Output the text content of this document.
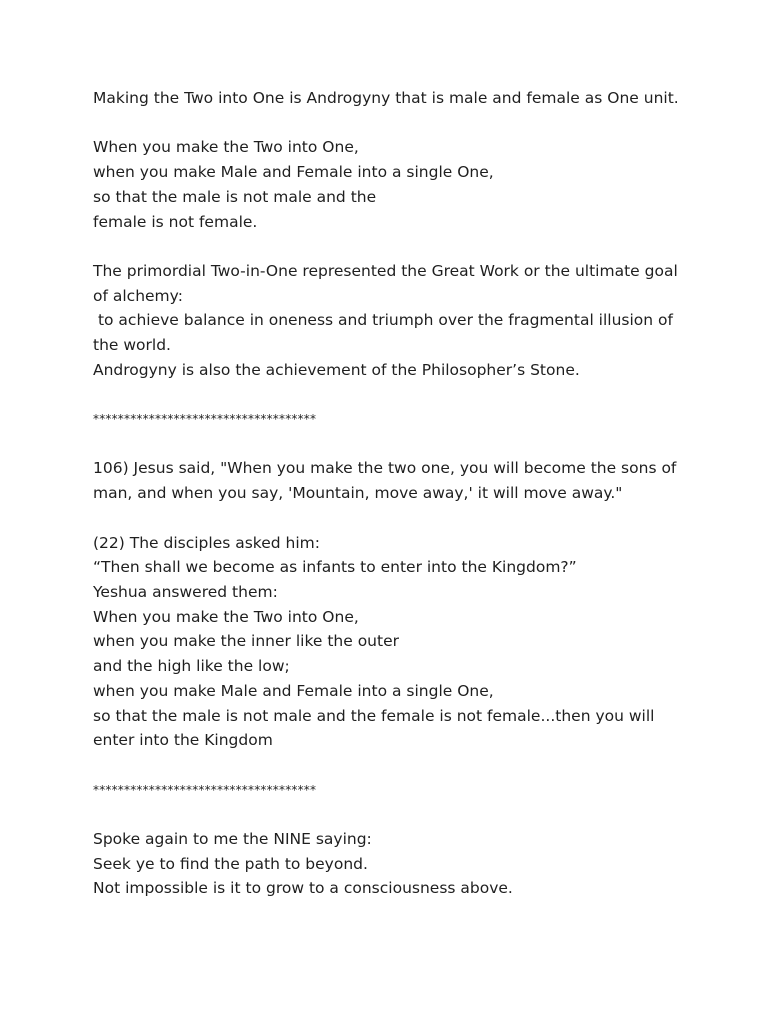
Making the Two into One is Androgyny that is male and female as One unit.
When you make the Two into One,
when you make Male and Female into a single One,
so that the male is not male and the
female is not female.
The primordial Two-in-One represented the Great Work or the ultimate goal of alchemy:
to achieve balance in oneness and triumph over the fragmental illusion of the world.
Androgyny is also the achievement of the Philosopher’s Stone.
************************************
106) Jesus said, "When you make the two one, you will become the sons of man, and when you say, 'Mountain, move away,' it will move away."
(22) The disciples asked him:
“Then shall we become as infants to enter into the Kingdom?”
Yeshua answered them:
When you make the Two into One,
when you make the inner like the outer
and the high like the low;
when you make Male and Female into a single One,
so that the male is not male and the female is not female...then you will enter into the Kingdom
************************************
Spoke again to me the NINE saying:
Seek ye to find the path to beyond.
Not impossible is it to grow to a consciousness above.
